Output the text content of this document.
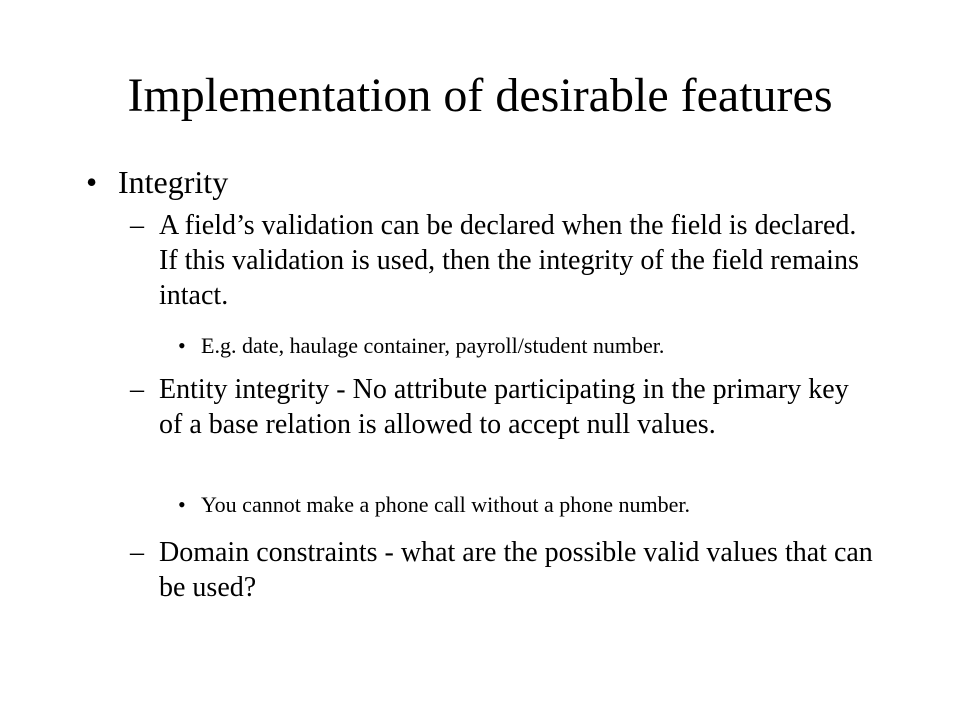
Implementation of desirable features
• Integrity
– A field’s validation can be declared when the field is declared. If this validation is used, then the integrity of the field remains intact.
• E.g. date, haulage container, payroll/student number.
– Entity integrity - No attribute participating in the primary key of a base relation is allowed to accept null values.
• You cannot make a phone call without a phone number.
– Domain constraints - what are the possible valid values that can be used?
